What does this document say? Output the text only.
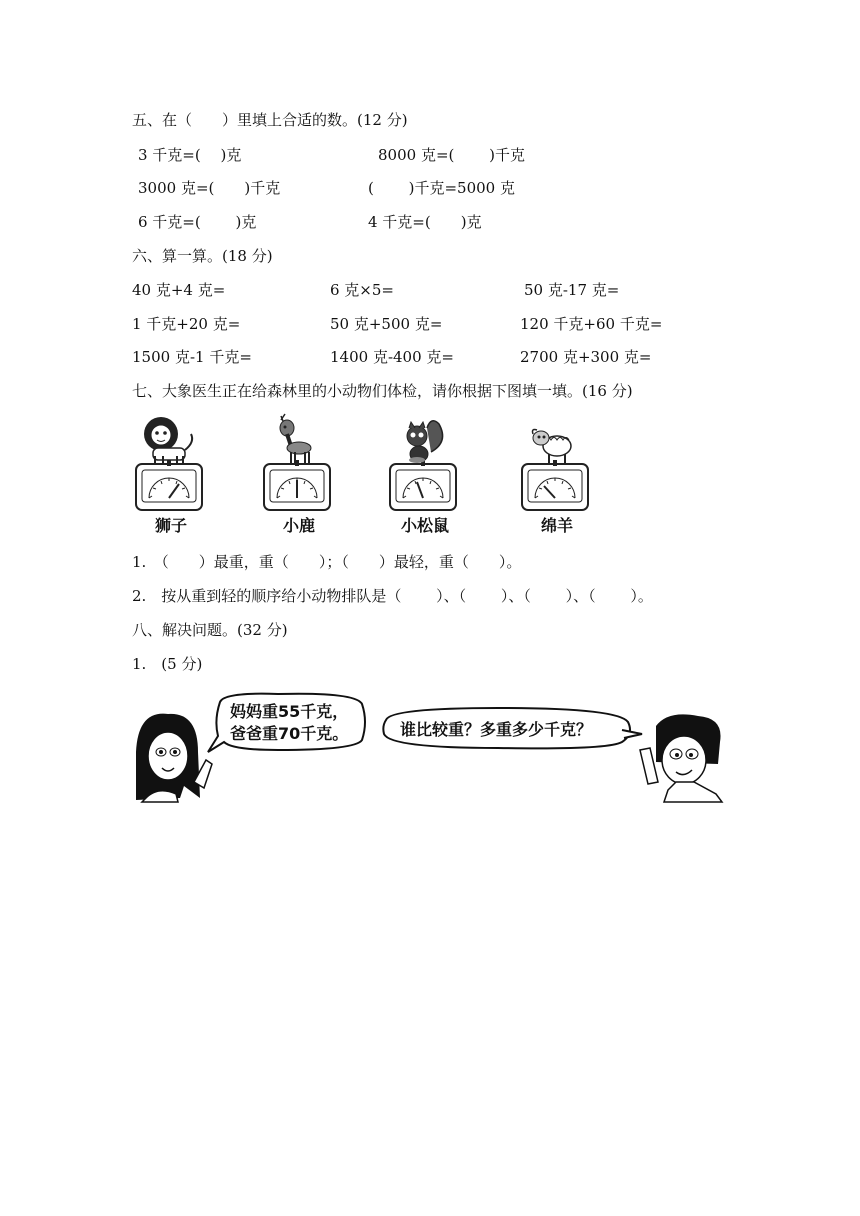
五、在（　　）里填上合适的数。(12 分)
3 千克=(　 )克	8000 克=(　　 )千克
3000 克=(　　)千克	(　　 )千克=5000 克
6 千克=(　　 )克	4 千克=(　　)克
六、算一算。(18 分)
40 克+4 克=	6 克×5=	50 克-17 克=
1 千克+20 克=	50 克+500 克=	120 千克+60 千克=
1500 克-1 千克=	1400 克-400 克=	2700 克+300 克=
七、大象医生正在给森林里的小动物们体检，请你根据下图填一填。(16 分)
狮子	小鹿	小松鼠	绵羊
1.　（　　）最重，重（　　）；（　　）最轻，重（　　）。
2.　按从重到轻的顺序给小动物排队是（　　 ）、（　　 ）、（　　 ）、（　　 ）。
八、解决问题。(32 分)
1.　(5 分)
妈妈重55千克，
爸爸重70千克。	谁比较重？多重多少千克？
